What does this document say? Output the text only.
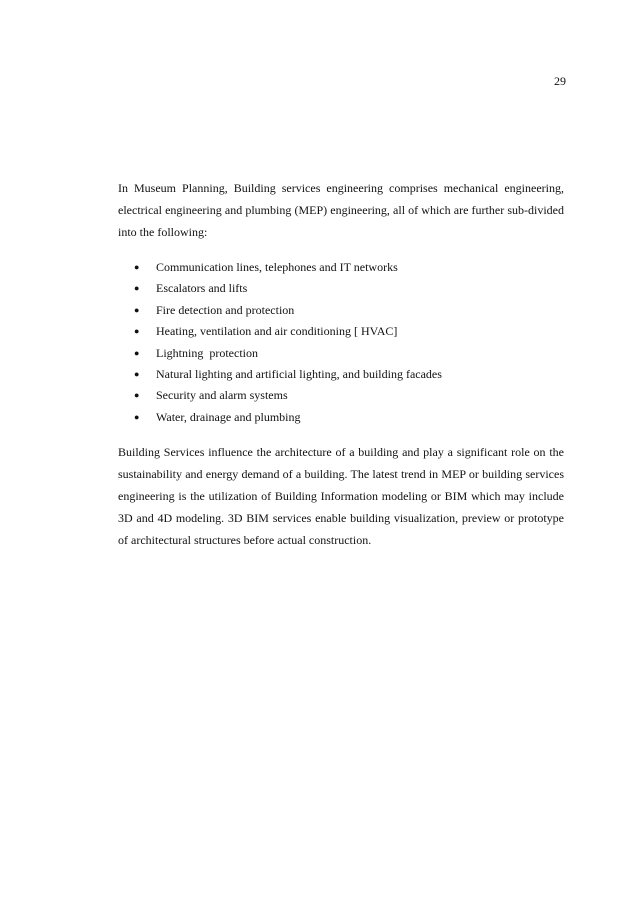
29

In Museum Planning, Building services engineering comprises mechanical engineering, electrical engineering and plumbing (MEP) engineering, all of which are further sub-divided into the following:

● Communication lines, telephones and IT networks
● Escalators and lifts
● Fire detection and protection
● Heating, ventilation and air conditioning [ HVAC]
● Lightning  protection
● Natural lighting and artificial lighting, and building facades
● Security and alarm systems
● Water, drainage and plumbing

Building Services influence the architecture of a building and play a significant role on the sustainability and energy demand of a building. The latest trend in MEP or building services engineering is the utilization of Building Information modeling or BIM which may include 3D and 4D modeling. 3D BIM services enable building visualization, preview or prototype of architectural structures before actual construction.
